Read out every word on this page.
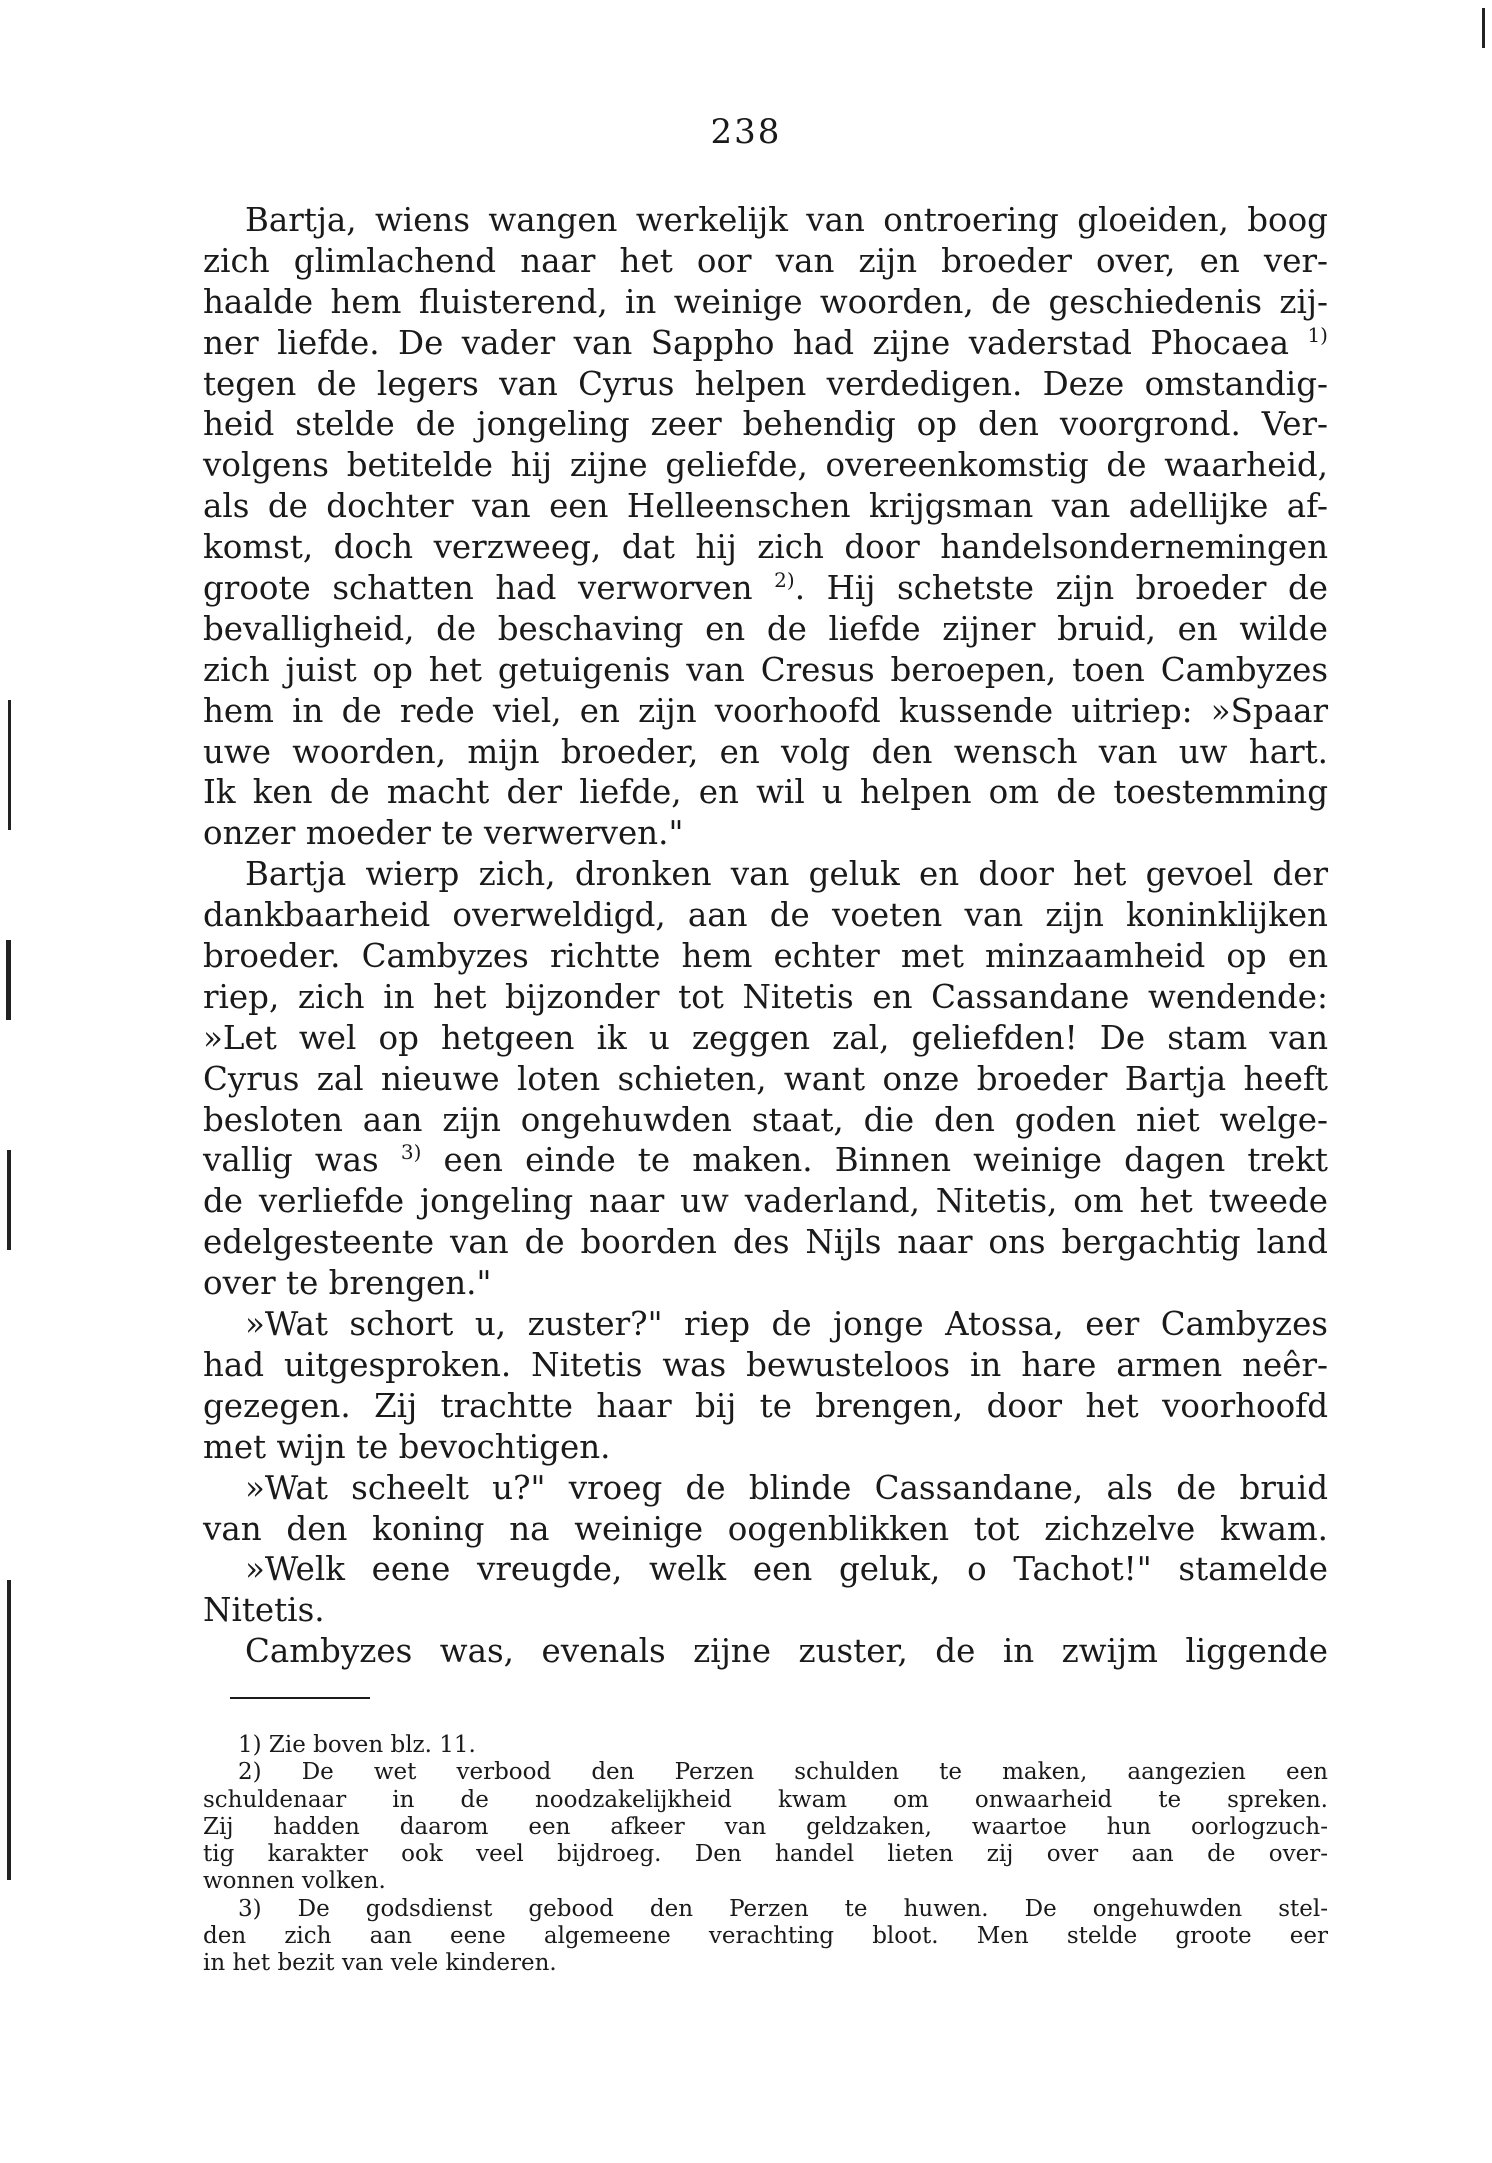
238
Bartja, wiens wangen werkelijk van ontroering gloeiden, boog
zich glimlachend naar het oor van zijn broeder over, en ver-
haalde hem fluisterend, in weinige woorden, de geschiedenis zij-
ner liefde. De vader van Sappho had zijne vaderstad Phocaea $^{1)}$
tegen de legers van Cyrus helpen verdedigen. Deze omstandig-
heid stelde de jongeling zeer behendig op den voorgrond. Ver-
volgens betitelde hij zijne geliefde, overeenkomstig de waarheid,
als de dochter van een Helleenschen krijgsman van adellijke af-
komst, doch verzweeg, dat hij zich door handelsondernemingen
groote schatten had verworven $^{2)}$. Hij schetste zijn broeder de
bevalligheid, de beschaving en de liefde zijner bruid, en wilde
zich juist op het getuigenis van Cresus beroepen, toen Cambyzes
hem in de rede viel, en zijn voorhoofd kussende uitriep: »Spaar
uwe woorden, mijn broeder, en volg den wensch van uw hart.
Ik ken de macht der liefde, en wil u helpen om de toestemming
onzer moeder te verwerven."
Bartja wierp zich, dronken van geluk en door het gevoel der
dankbaarheid overweldigd, aan de voeten van zijn koninklijken
broeder. Cambyzes richtte hem echter met minzaamheid op en
riep, zich in het bijzonder tot Nitetis en Cassandane wendende:
»Let wel op hetgeen ik u zeggen zal, geliefden! De stam van
Cyrus zal nieuwe loten schieten, want onze broeder Bartja heeft
besloten aan zijn ongehuwden staat, die den goden niet welge-
vallig was $^{3)}$ een einde te maken. Binnen weinige dagen trekt
de verliefde jongeling naar uw vaderland, Nitetis, om het tweede
edelgesteente van de boorden des Nijls naar ons bergachtig land
over te brengen."
»Wat schort u, zuster?" riep de jonge Atossa, eer Cambyzes
had uitgesproken. Nitetis was bewusteloos in hare armen neêr-
gezegen. Zij trachtte haar bij te brengen, door het voorhoofd
met wijn te bevochtigen.
»Wat scheelt u?" vroeg de blinde Cassandane, als de bruid
van den koning na weinige oogenblikken tot zichzelve kwam.
»Welk eene vreugde, welk een geluk, o Tachot!" stamelde
Nitetis.
Cambyzes was, evenals zijne zuster, de in zwijm liggende
1) Zie boven blz. 11.
2) De wet verbood den Perzen schulden te maken, aangezien een
schuldenaar in de noodzakelijkheid kwam om onwaarheid te spreken.
Zij hadden daarom een afkeer van geldzaken, waartoe hun oorlogzuch-
tig karakter ook veel bijdroeg. Den handel lieten zij over aan de over-
wonnen volken.
3) De godsdienst gebood den Perzen te huwen. De ongehuwden stel-
den zich aan eene algemeene verachting bloot. Men stelde groote eer
in het bezit van vele kinderen.
